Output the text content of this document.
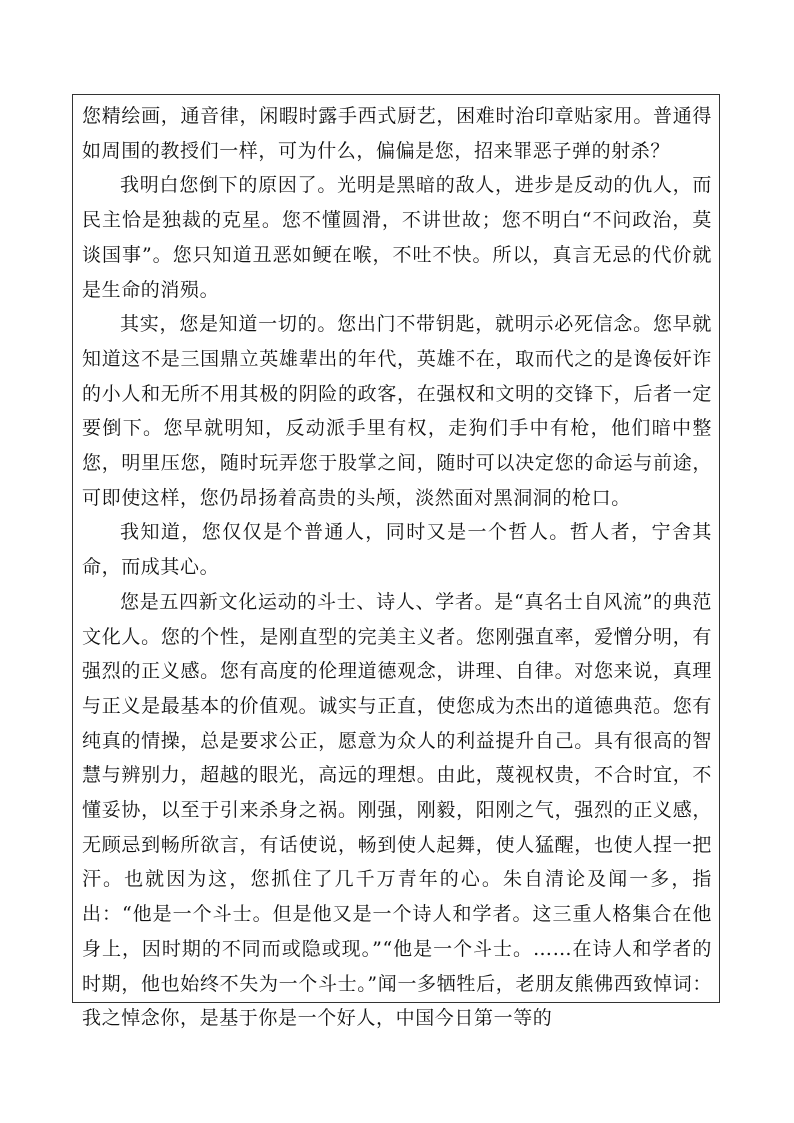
您精绘画，通音律，闲暇时露手西式厨艺，困难时治印章贴家用。普通得如周围的教授们一样，可为什么，偏偏是您，招来罪恶子弹的射杀？

我明白您倒下的原因了。光明是黑暗的敌人，进步是反动的仇人，而民主恰是独裁的克星。您不懂圆滑，不讲世故；您不明白“不问政治，莫谈国事”。您只知道丑恶如鲠在喉，不吐不快。所以，真言无忌的代价就是生命的消殒。

其实，您是知道一切的。您出门不带钥匙，就明示必死信念。您早就知道这不是三国鼎立英雄辈出的年代，英雄不在，取而代之的是谗佞奸诈的小人和无所不用其极的阴险的政客，在强权和文明的交锋下，后者一定要倒下。您早就明知，反动派手里有权，走狗们手中有枪，他们暗中整您，明里压您，随时玩弄您于股掌之间，随时可以决定您的命运与前途，可即使这样，您仍昂扬着高贵的头颅，淡然面对黑洞洞的枪口。

我知道，您仅仅是个普通人，同时又是一个哲人。哲人者，宁舍其命，而成其心。

您是五四新文化运动的斗士、诗人、学者。是“真名士自风流”的典范文化人。您的个性，是刚直型的完美主义者。您刚强直率，爱憎分明，有强烈的正义感。您有高度的伦理道德观念，讲理、自律。对您来说，真理与正义是最基本的价值观。诚实与正直，使您成为杰出的道德典范。您有纯真的情操，总是要求公正，愿意为众人的利益提升自己。具有很高的智慧与辨别力，超越的眼光，高远的理想。由此，蔑视权贵，不合时宜，不懂妥协，以至于引来杀身之祸。刚强，刚毅，阳刚之气，强烈的正义感，无顾忌到畅所欲言，有话使说，畅到使人起舞，使人猛醒，也使人捏一把汗。也就因为这，您抓住了几千万青年的心。朱自清论及闻一多，指出：“他是一个斗士。但是他又是一个诗人和学者。这三重人格集合在他身上，因时期的不同而或隐或现。”“他是一个斗士。……在诗人和学者的时期，他也始终不失为一个斗士。”闻一多牺牲后，老朋友熊佛西致悼词：我之悼念你，是基于你是一个好人，中国今日第一等的
